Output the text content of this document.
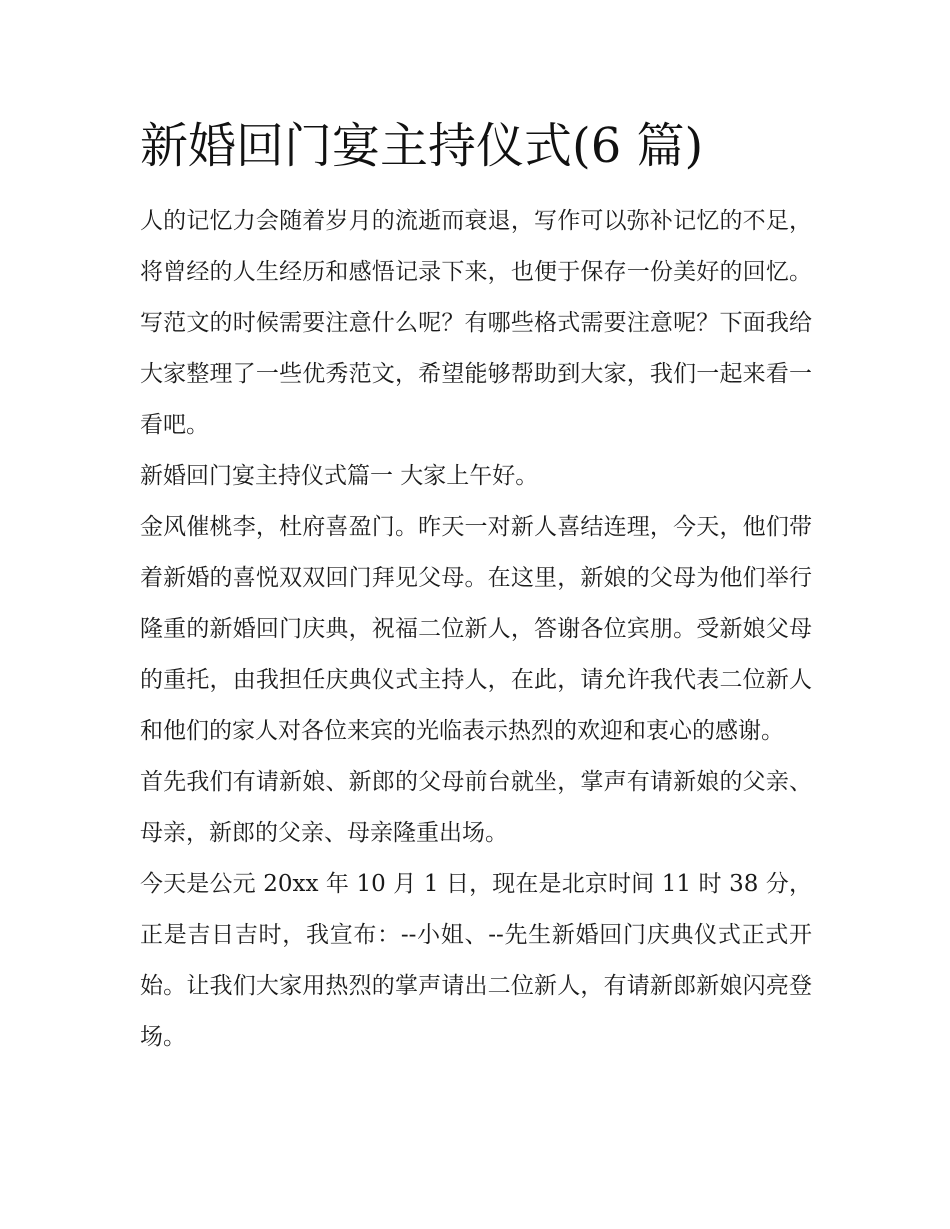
新婚回门宴主持仪式(6 篇)

人的记忆力会随着岁月的流逝而衰退，写作可以弥补记忆的不足，将曾经的人生经历和感悟记录下来，也便于保存一份美好的回忆。写范文的时候需要注意什么呢？有哪些格式需要注意呢？下面我给大家整理了一些优秀范文，希望能够帮助到大家，我们一起来看一看吧。

新婚回门宴主持仪式篇一 大家上午好。

金风催桃李，杜府喜盈门。昨天一对新人喜结连理，今天，他们带着新婚的喜悦双双回门拜见父母。在这里，新娘的父母为他们举行隆重的新婚回门庆典，祝福二位新人，答谢各位宾朋。受新娘父母的重托，由我担任庆典仪式主持人，在此，请允许我代表二位新人和他们的家人对各位来宾的光临表示热烈的欢迎和衷心的感谢。

首先我们有请新娘、新郎的父母前台就坐，掌声有请新娘的父亲、母亲，新郎的父亲、母亲隆重出场。

今天是公元 20xx 年 10 月 1 日，现在是北京时间 11 时 38 分，正是吉日吉时，我宣布：--小姐、--先生新婚回门庆典仪式正式开始。让我们大家用热烈的掌声请出二位新人，有请新郎新娘闪亮登场。
